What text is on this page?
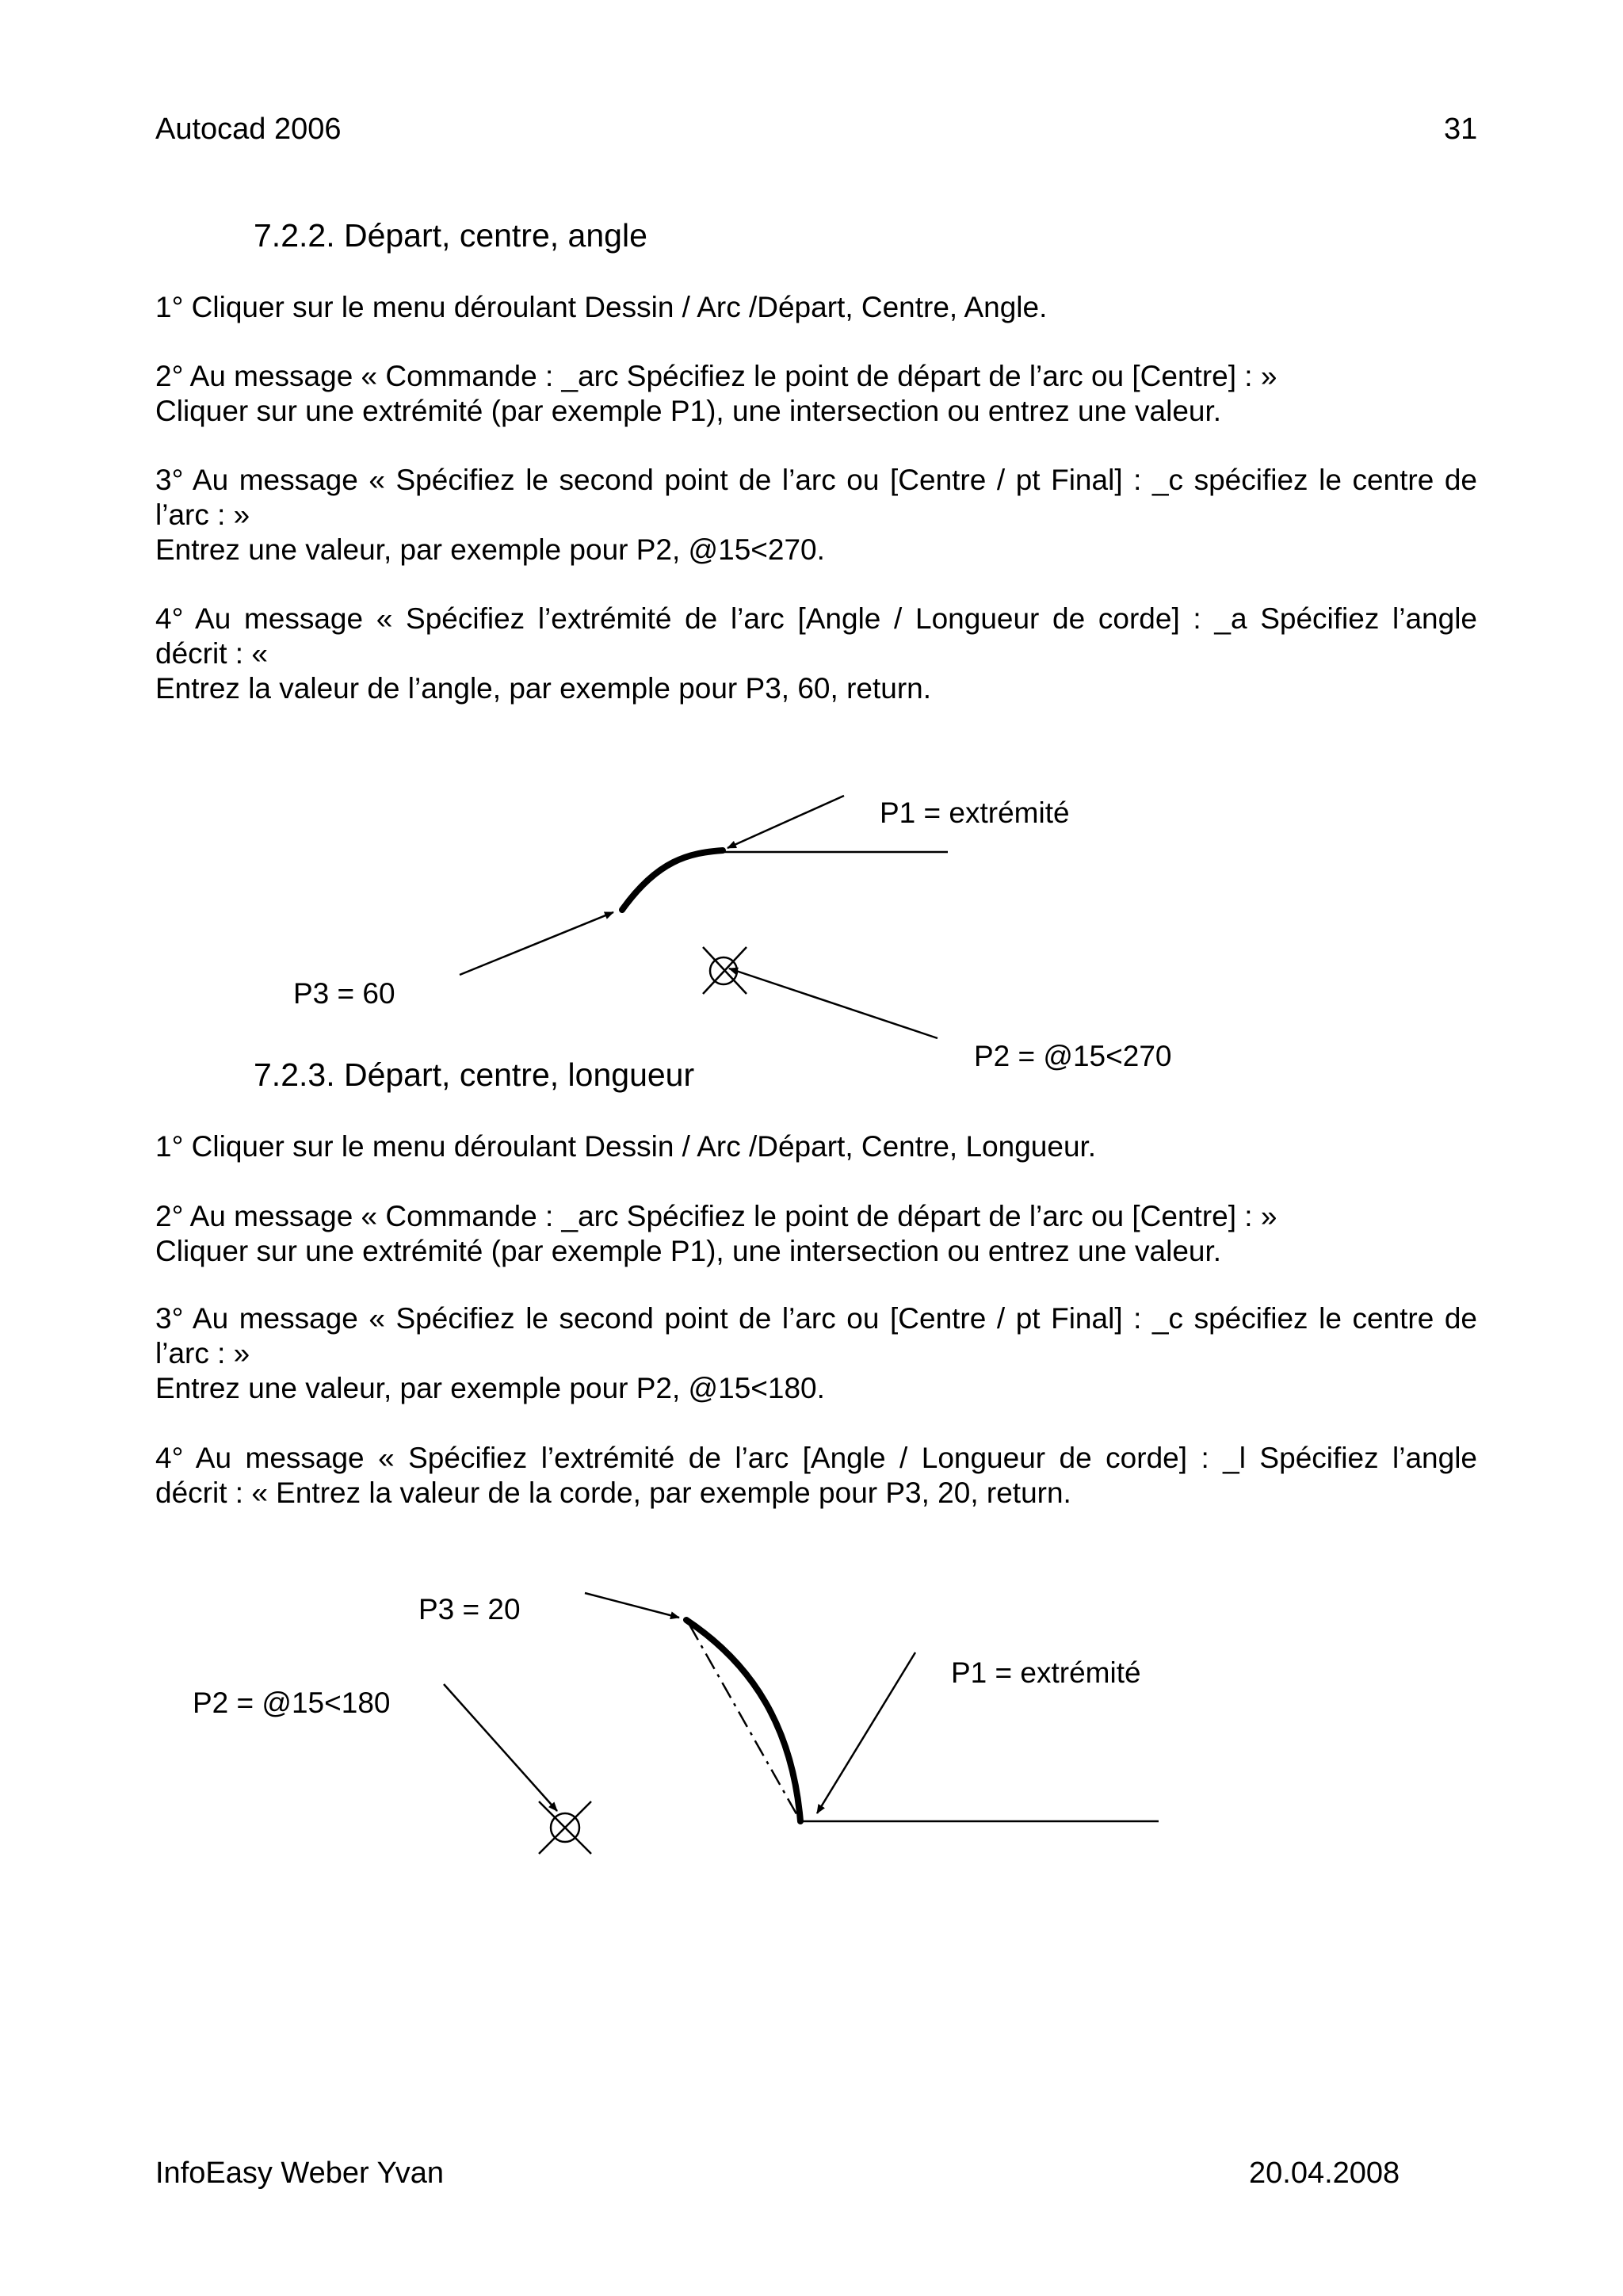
Autocad 2006	31
7.2.2. Départ, centre, angle
1° Cliquer sur le menu déroulant Dessin / Arc /Départ, Centre, Angle.
2° Au message « Commande : _arc Spécifiez le point de départ de l’arc ou [Centre] : »
Cliquer sur une extrémité (par exemple P1), une intersection ou entrez une valeur.
3° Au message « Spécifiez le second point de l’arc ou [Centre / pt Final] : _c spécifiez le centre de
l’arc : »
Entrez une valeur, par exemple pour P2, @15<270.
4° Au message « Spécifiez l’extrémité de l’arc [Angle / Longueur de corde] : _a Spécifiez l’angle
décrit : «
Entrez la valeur de l’angle, par exemple pour P3, 60, return.
P1 = extrémité
P3 = 60
P2 = @15<270
7.2.3. Départ, centre, longueur
1° Cliquer sur le menu déroulant Dessin / Arc /Départ, Centre, Longueur.
2° Au message « Commande : _arc Spécifiez le point de départ de l’arc ou [Centre] : »
Cliquer sur une extrémité (par exemple P1), une intersection ou entrez une valeur.
3° Au message « Spécifiez le second point de l’arc ou [Centre / pt Final] : _c spécifiez le centre de
l’arc : »
Entrez une valeur, par exemple pour P2, @15<180.
4° Au message « Spécifiez l’extrémité de l’arc [Angle / Longueur de corde] : _l Spécifiez l’angle
décrit : « Entrez la valeur de la corde, par exemple pour P3, 20, return.
P3 = 20
P1 = extrémité
P2 = @15<180
InfoEasy Weber Yvan	20.04.2008
